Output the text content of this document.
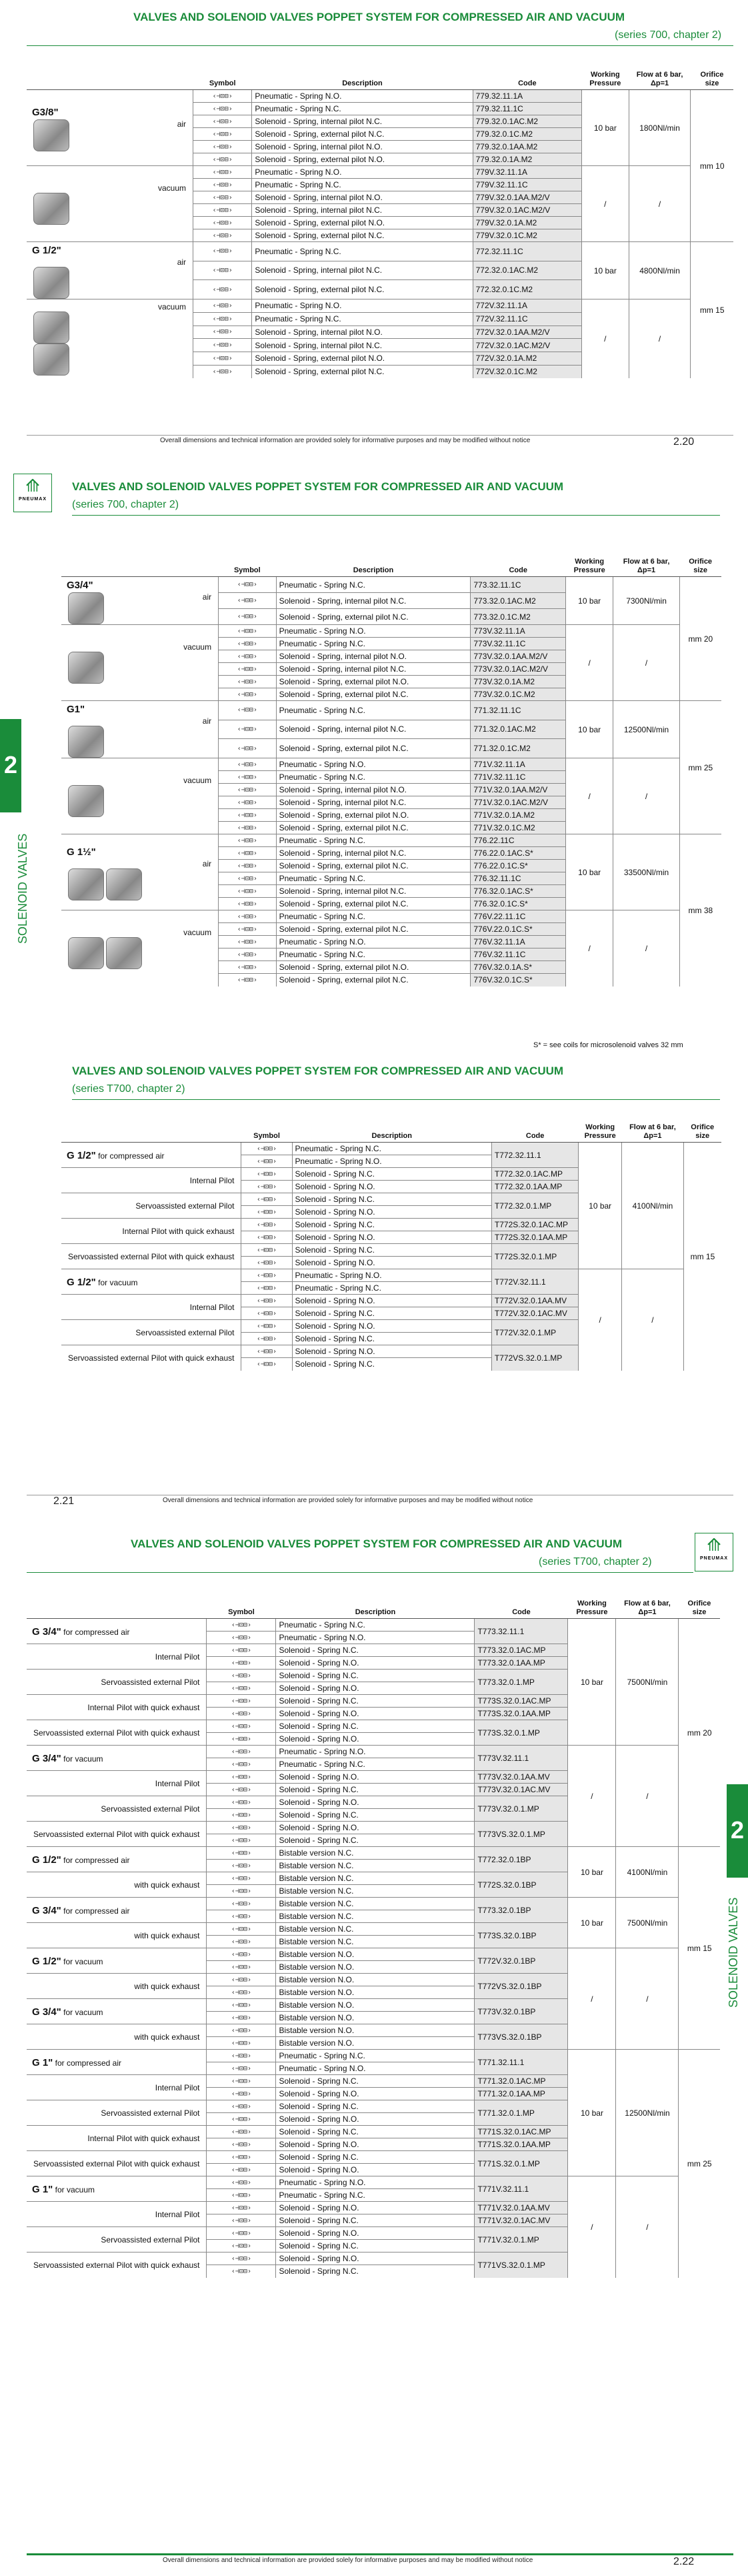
VALVES AND SOLENOID VALVES POPPET SYSTEM FOR COMPRESSED AIR AND VACUUM
(series 700, chapter 2)
	Symbol	Description	Code	Working Pressure	Flow at 6 bar, Δp=1	Orifice size

G3/8"
air	‹⊣⊡⊟›	Pneumatic - Spring N.O.	779.32.11.1A	10 bar	1800Nl/min	mm 10
	‹⊣⊡⊟›	Pneumatic - Spring N.C.	779.32.11.1C			
	‹⊣⊡⊟›	Solenoid - Spring, internal pilot N.C.	779.32.0.1AC.M2			
	‹⊣⊡⊟›	Solenoid - Spring, external pilot N.C.	779.32.0.1C.M2			
	‹⊣⊡⊟›	Solenoid - Spring, internal pilot N.O.	779.32.0.1AA.M2			
	‹⊣⊡⊟›	Solenoid - Spring, external pilot N.O.	779.32.0.1A.M2			

vacuum	‹⊣⊡⊟›	Pneumatic - Spring N.O.	779V.32.11.1A	/	/	
	‹⊣⊡⊟›	Pneumatic - Spring N.C.	779V.32.11.1C			
	‹⊣⊡⊟›	Solenoid - Spring, internal pilot N.O.	779V.32.0.1AA.M2/V			
	‹⊣⊡⊟›	Solenoid - Spring, internal pilot N.C.	779V.32.0.1AC.M2/V			
	‹⊣⊡⊟›	Solenoid - Spring, external pilot N.O.	779V.32.0.1A.M2			
	‹⊣⊡⊟›	Solenoid - Spring, external pilot N.C.	779V.32.0.1C.M2			

G 1/2"
air	‹⊣⊡⊟›	Pneumatic - Spring N.C.	772.32.11.1C	10 bar	4800Nl/min	mm 15
	‹⊣⊡⊟›	Solenoid - Spring, internal pilot N.C.	772.32.0.1AC.M2			
	‹⊣⊡⊟›	Solenoid - Spring, external pilot N.C.	772.32.0.1C.M2			

vacuum	‹⊣⊡⊟›	Pneumatic - Spring N.O.	772V.32.11.1A	/	/	
	‹⊣⊡⊟›	Pneumatic - Spring N.C.	772V.32.11.1C			
	‹⊣⊡⊟›	Solenoid - Spring, internal pilot N.O.	772V.32.0.1AA.M2/V			
	‹⊣⊡⊟›	Solenoid - Spring, internal pilot N.C.	772V.32.0.1AC.M2/V			
	‹⊣⊡⊟›	Solenoid - Spring, external pilot N.O.	772V.32.0.1A.M2			
	‹⊣⊡⊟›	Solenoid - Spring, external pilot N.C.	772V.32.0.1C.M2			
Overall dimensions and technical information are provided solely for informative purposes and may be modified without notice	2.20
⟰
PNEUMAX
VALVES AND SOLENOID VALVES POPPET SYSTEM FOR COMPRESSED AIR AND VACUUM
(series 700, chapter 2)
2
SOLENOID VALVES
	Symbol	Description	Code	Working Pressure	Flow at 6 bar, Δp=1	Orifice size

G3/4"
air	‹⊣⊡⊟›	Pneumatic - Spring N.C.	773.32.11.1C	10 bar	7300Nl/min	mm 20
	‹⊣⊡⊟›	Solenoid - Spring, internal pilot N.C.	773.32.0.1AC.M2			
	‹⊣⊡⊟›	Solenoid - Spring, external pilot N.C.	773.32.0.1C.M2			

vacuum	‹⊣⊡⊟›	Pneumatic - Spring N.O.	773V.32.11.1A	/	/	
	‹⊣⊡⊟›	Pneumatic - Spring N.C.	773V.32.11.1C			
	‹⊣⊡⊟›	Solenoid - Spring, internal pilot N.O.	773V.32.0.1AA.M2/V			
	‹⊣⊡⊟›	Solenoid - Spring, internal pilot N.C.	773V.32.0.1AC.M2/V			
	‹⊣⊡⊟›	Solenoid - Spring, external pilot N.O.	773V.32.0.1A.M2			
	‹⊣⊡⊟›	Solenoid - Spring, external pilot N.C.	773V.32.0.1C.M2			

G1"
air	‹⊣⊡⊟›	Pneumatic - Spring N.C.	771.32.11.1C	10 bar	12500Nl/min	mm 25
	‹⊣⊡⊟›	Solenoid - Spring, internal pilot N.C.	771.32.0.1AC.M2			
	‹⊣⊡⊟›	Solenoid - Spring, external pilot N.C.	771.32.0.1C.M2			

vacuum	‹⊣⊡⊟›	Pneumatic - Spring N.O.	771V.32.11.1A	/	/	
	‹⊣⊡⊟›	Pneumatic - Spring N.C.	771V.32.11.1C			
	‹⊣⊡⊟›	Solenoid - Spring, internal pilot N.O.	771V.32.0.1AA.M2/V			
	‹⊣⊡⊟›	Solenoid - Spring, internal pilot N.C.	771V.32.0.1AC.M2/V			
	‹⊣⊡⊟›	Solenoid - Spring, external pilot N.O.	771V.32.0.1A.M2			
	‹⊣⊡⊟›	Solenoid - Spring, external pilot N.C.	771V.32.0.1C.M2			

G 1½"
air	‹⊣⊡⊟›	Pneumatic - Spring N.C.	776.22.11C	10 bar	33500Nl/min	mm 38
	‹⊣⊡⊟›	Solenoid - Spring, internal pilot N.C.	776.22.0.1AC.S*			
	‹⊣⊡⊟›	Solenoid - Spring, external pilot N.C.	776.22.0.1C.S*			
	‹⊣⊡⊟›	Pneumatic - Spring N.C.	776.32.11.1C			
	‹⊣⊡⊟›	Solenoid - Spring, internal pilot N.C.	776.32.0.1AC.S*			
	‹⊣⊡⊟›	Solenoid - Spring, external pilot N.C.	776.32.0.1C.S*			

vacuum	‹⊣⊡⊟›	Pneumatic - Spring N.C.	776V.22.11.1C	/	/	
	‹⊣⊡⊟›	Solenoid - Spring, external pilot N.C.	776V.22.0.1C.S*			
	‹⊣⊡⊟›	Pneumatic - Spring N.O.	776V.32.11.1A			
	‹⊣⊡⊟›	Pneumatic - Spring N.C.	776V.32.11.1C			
	‹⊣⊡⊟›	Solenoid - Spring, external pilot N.O.	776V.32.0.1A.S*			
	‹⊣⊡⊟›	Solenoid - Spring, external pilot N.C.	776V.32.0.1C.S*			
S* = see coils for microsolenoid valves 32 mm
VALVES AND SOLENOID VALVES POPPET SYSTEM FOR COMPRESSED AIR AND VACUUM
(series T700, chapter 2)
	Symbol	Description	Code	Working Pressure	Flow at 6 bar, Δp=1	Orifice size

G 1/2" for compressed air	‹⊣⊡⊟›	Pneumatic - Spring N.C.	T772.32.11.1	10 bar	4100Nl/min	mm 15
	‹⊣⊡⊟›	Pneumatic - Spring N.O.				

Internal Pilot	‹⊣⊡⊟›	Solenoid - Spring N.C.	T772.32.0.1AC.MP			
	‹⊣⊡⊟›	Solenoid - Spring N.O.	T772.32.0.1AA.MP			

Servoassisted external Pilot	‹⊣⊡⊟›	Solenoid - Spring N.C.	T772.32.0.1.MP			
	‹⊣⊡⊟›	Solenoid - Spring N.O.				

Internal Pilot with quick exhaust	‹⊣⊡⊟›	Solenoid - Spring N.C.	T772S.32.0.1AC.MP			
	‹⊣⊡⊟›	Solenoid - Spring N.O.	T772S.32.0.1AA.MP			

Servoassisted external Pilot with quick exhaust	‹⊣⊡⊟›	Solenoid - Spring N.C.	T772S.32.0.1.MP			
	‹⊣⊡⊟›	Solenoid - Spring N.O.				

G 1/2" for vacuum	‹⊣⊡⊟›	Pneumatic - Spring N.O.	T772V.32.11.1	/	/	
	‹⊣⊡⊟›	Pneumatic - Spring N.C.				

Internal Pilot	‹⊣⊡⊟›	Solenoid - Spring N.O.	T772V.32.0.1AA.MV			
	‹⊣⊡⊟›	Solenoid - Spring N.C.	T772V.32.0.1AC.MV			

Servoassisted external Pilot	‹⊣⊡⊟›	Solenoid - Spring N.O.	T772V.32.0.1.MP			
	‹⊣⊡⊟›	Solenoid - Spring N.C.				

Servoassisted external Pilot with quick exhaust	‹⊣⊡⊟›	Solenoid - Spring N.O.	T772VS.32.0.1.MP			
	‹⊣⊡⊟›	Solenoid - Spring N.C.				
2.21	Overall dimensions and technical information are provided solely for informative purposes and may be modified without notice
VALVES AND SOLENOID VALVES POPPET SYSTEM FOR COMPRESSED AIR AND VACUUM
(series T700, chapter 2)
⟰
PNEUMAX
2
SOLENOID VALVES
	Symbol	Description	Code	Working Pressure	Flow at 6 bar, Δp=1	Orifice size

G 3/4" for compressed air	‹⊣⊡⊟›	Pneumatic - Spring N.C.	T773.32.11.1	10 bar	7500Nl/min	mm 20
	‹⊣⊡⊟›	Pneumatic - Spring N.O.				

Internal Pilot	‹⊣⊡⊟›	Solenoid - Spring N.C.	T773.32.0.1AC.MP			
	‹⊣⊡⊟›	Solenoid - Spring N.O.	T773.32.0.1AA.MP			

Servoassisted external Pilot	‹⊣⊡⊟›	Solenoid - Spring N.C.	T773.32.0.1.MP			
	‹⊣⊡⊟›	Solenoid - Spring N.O.				

Internal Pilot with quick exhaust	‹⊣⊡⊟›	Solenoid - Spring N.C.	T773S.32.0.1AC.MP			
	‹⊣⊡⊟›	Solenoid - Spring N.O.	T773S.32.0.1AA.MP			

Servoassisted external Pilot with quick exhaust	‹⊣⊡⊟›	Solenoid - Spring N.C.	T773S.32.0.1.MP			
	‹⊣⊡⊟›	Solenoid - Spring N.O.				

G 3/4" for vacuum	‹⊣⊡⊟›	Pneumatic - Spring N.O.	T773V.32.11.1	/	/	
	‹⊣⊡⊟›	Pneumatic - Spring N.C.				

Internal Pilot	‹⊣⊡⊟›	Solenoid - Spring N.O.	T773V.32.0.1AA.MV			
	‹⊣⊡⊟›	Solenoid - Spring N.C.	T773V.32.0.1AC.MV			

Servoassisted external Pilot	‹⊣⊡⊟›	Solenoid - Spring N.O.	T773V.32.0.1.MP			
	‹⊣⊡⊟›	Solenoid - Spring N.C.				

Servoassisted external Pilot with quick exhaust	‹⊣⊡⊟›	Solenoid - Spring N.O.	T773VS.32.0.1.MP			
	‹⊣⊡⊟›	Solenoid - Spring N.C.				

G 1/2" for compressed air	‹⊣⊡⊟›	Bistable version N.C.	T772.32.0.1BP	10 bar	4100Nl/min	mm 15
	‹⊣⊡⊟›	Bistable version N.C.				

with quick exhaust	‹⊣⊡⊟›	Bistable version N.C.	T772S.32.0.1BP			
	‹⊣⊡⊟›	Bistable version N.C.				

G 3/4" for compressed air	‹⊣⊡⊟›	Bistable version N.C.	T773.32.0.1BP	10 bar	7500Nl/min	
	‹⊣⊡⊟›	Bistable version N.C.				

with quick exhaust	‹⊣⊡⊟›	Bistable version N.C.	T773S.32.0.1BP			
	‹⊣⊡⊟›	Bistable version N.C.				

G 1/2" for vacuum	‹⊣⊡⊟›	Bistable version N.O.	T772V.32.0.1BP	/	/	
	‹⊣⊡⊟›	Bistable version N.O.				

with quick exhaust	‹⊣⊡⊟›	Bistable version N.O.	T772VS.32.0.1BP			
	‹⊣⊡⊟›	Bistable version N.O.				

G 3/4" for vacuum	‹⊣⊡⊟›	Bistable version N.O.	T773V.32.0.1BP			
	‹⊣⊡⊟›	Bistable version N.O.				

with quick exhaust	‹⊣⊡⊟›	Bistable version N.O.	T773VS.32.0.1BP			
	‹⊣⊡⊟›	Bistable version N.O.				

G 1" for compressed air	‹⊣⊡⊟›	Pneumatic - Spring N.C.	T771.32.11.1	10 bar	12500Nl/min	mm 25
	‹⊣⊡⊟›	Pneumatic - Spring N.O.				

Internal Pilot	‹⊣⊡⊟›	Solenoid - Spring N.C.	T771.32.0.1AC.MP			
	‹⊣⊡⊟›	Solenoid - Spring N.O.	T771.32.0.1AA.MP			

Servoassisted external Pilot	‹⊣⊡⊟›	Solenoid - Spring N.C.	T771.32.0.1.MP			
	‹⊣⊡⊟›	Solenoid - Spring N.O.				

Internal Pilot with quick exhaust	‹⊣⊡⊟›	Solenoid - Spring N.C.	T771S.32.0.1AC.MP			
	‹⊣⊡⊟›	Solenoid - Spring N.O.	T771S.32.0.1AA.MP			

Servoassisted external Pilot with quick exhaust	‹⊣⊡⊟›	Solenoid - Spring N.C.	T771S.32.0.1.MP			
	‹⊣⊡⊟›	Solenoid - Spring N.O.				

G 1" for vacuum	‹⊣⊡⊟›	Pneumatic - Spring N.O.	T771V.32.11.1	/	/	
	‹⊣⊡⊟›	Pneumatic - Spring N.C.				

Internal Pilot	‹⊣⊡⊟›	Solenoid - Spring N.O.	T771V.32.0.1AA.MV			
	‹⊣⊡⊟›	Solenoid - Spring N.C.	T771V.32.0.1AC.MV			

Servoassisted external Pilot	‹⊣⊡⊟›	Solenoid - Spring N.O.	T771V.32.0.1.MP			
	‹⊣⊡⊟›	Solenoid - Spring N.C.				

Servoassisted external Pilot with quick exhaust	‹⊣⊡⊟›	Solenoid - Spring N.O.	T771VS.32.0.1.MP			
	‹⊣⊡⊟›	Solenoid - Spring N.C.				
Overall dimensions and technical information are provided solely for informative purposes and may be modified without notice	2.22
